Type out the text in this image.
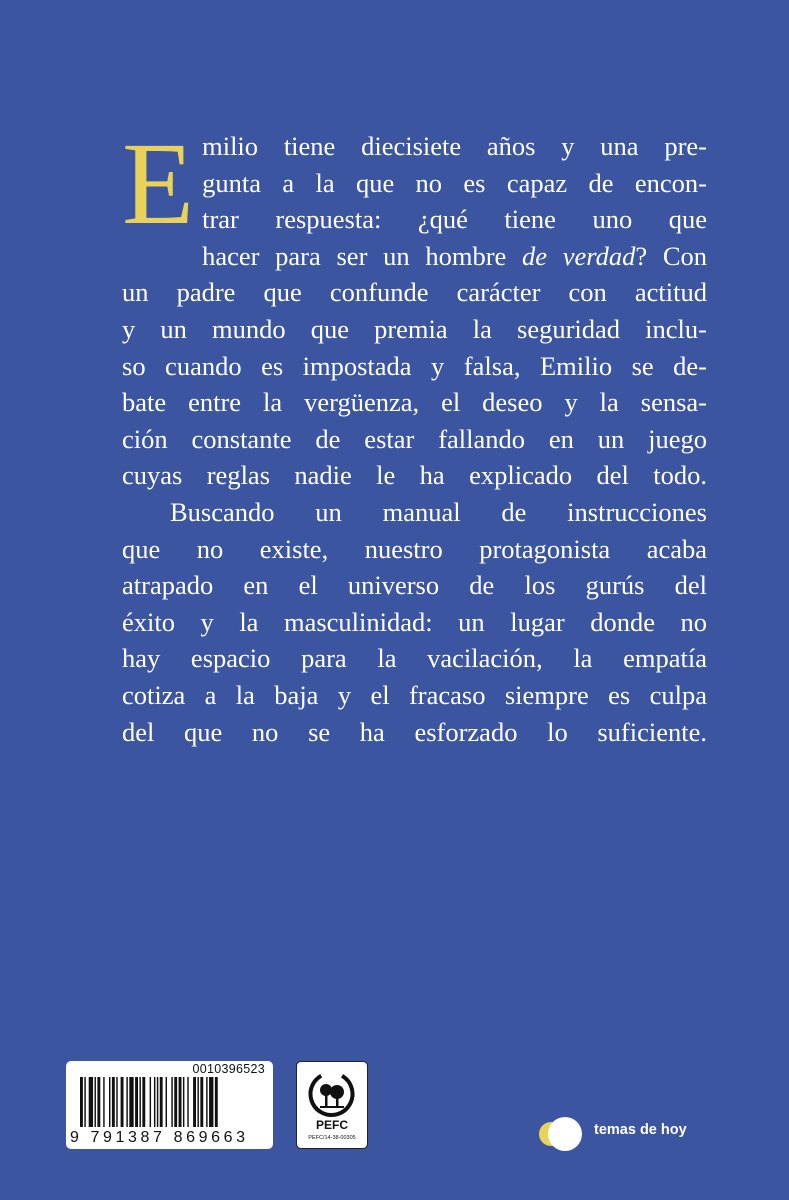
E milio tiene diecisiete años y una pre-
gunta a la que no es capaz de encon-
trar respuesta: ¿qué tiene uno que
hacer para ser un hombre de verdad? Con
un padre que confunde carácter con actitud
y un mundo que premia la seguridad inclu-
so cuando es impostada y falsa, Emilio se de-
bate entre la vergüenza, el deseo y la sensa-
ción constante de estar fallando en un juego
cuyas reglas nadie le ha explicado del todo.

Buscando un manual de instrucciones
que no existe, nuestro protagonista acaba
atrapado en el universo de los gurús del
éxito y la masculinidad: un lugar donde no
hay espacio para la vacilación, la empatía
cotiza a la baja y el fracaso siempre es culpa
del que no se ha esforzado lo suficiente.

0010396523
9 791387 869663
PEFC
PEFC/14-38-00305	temas de hoy
